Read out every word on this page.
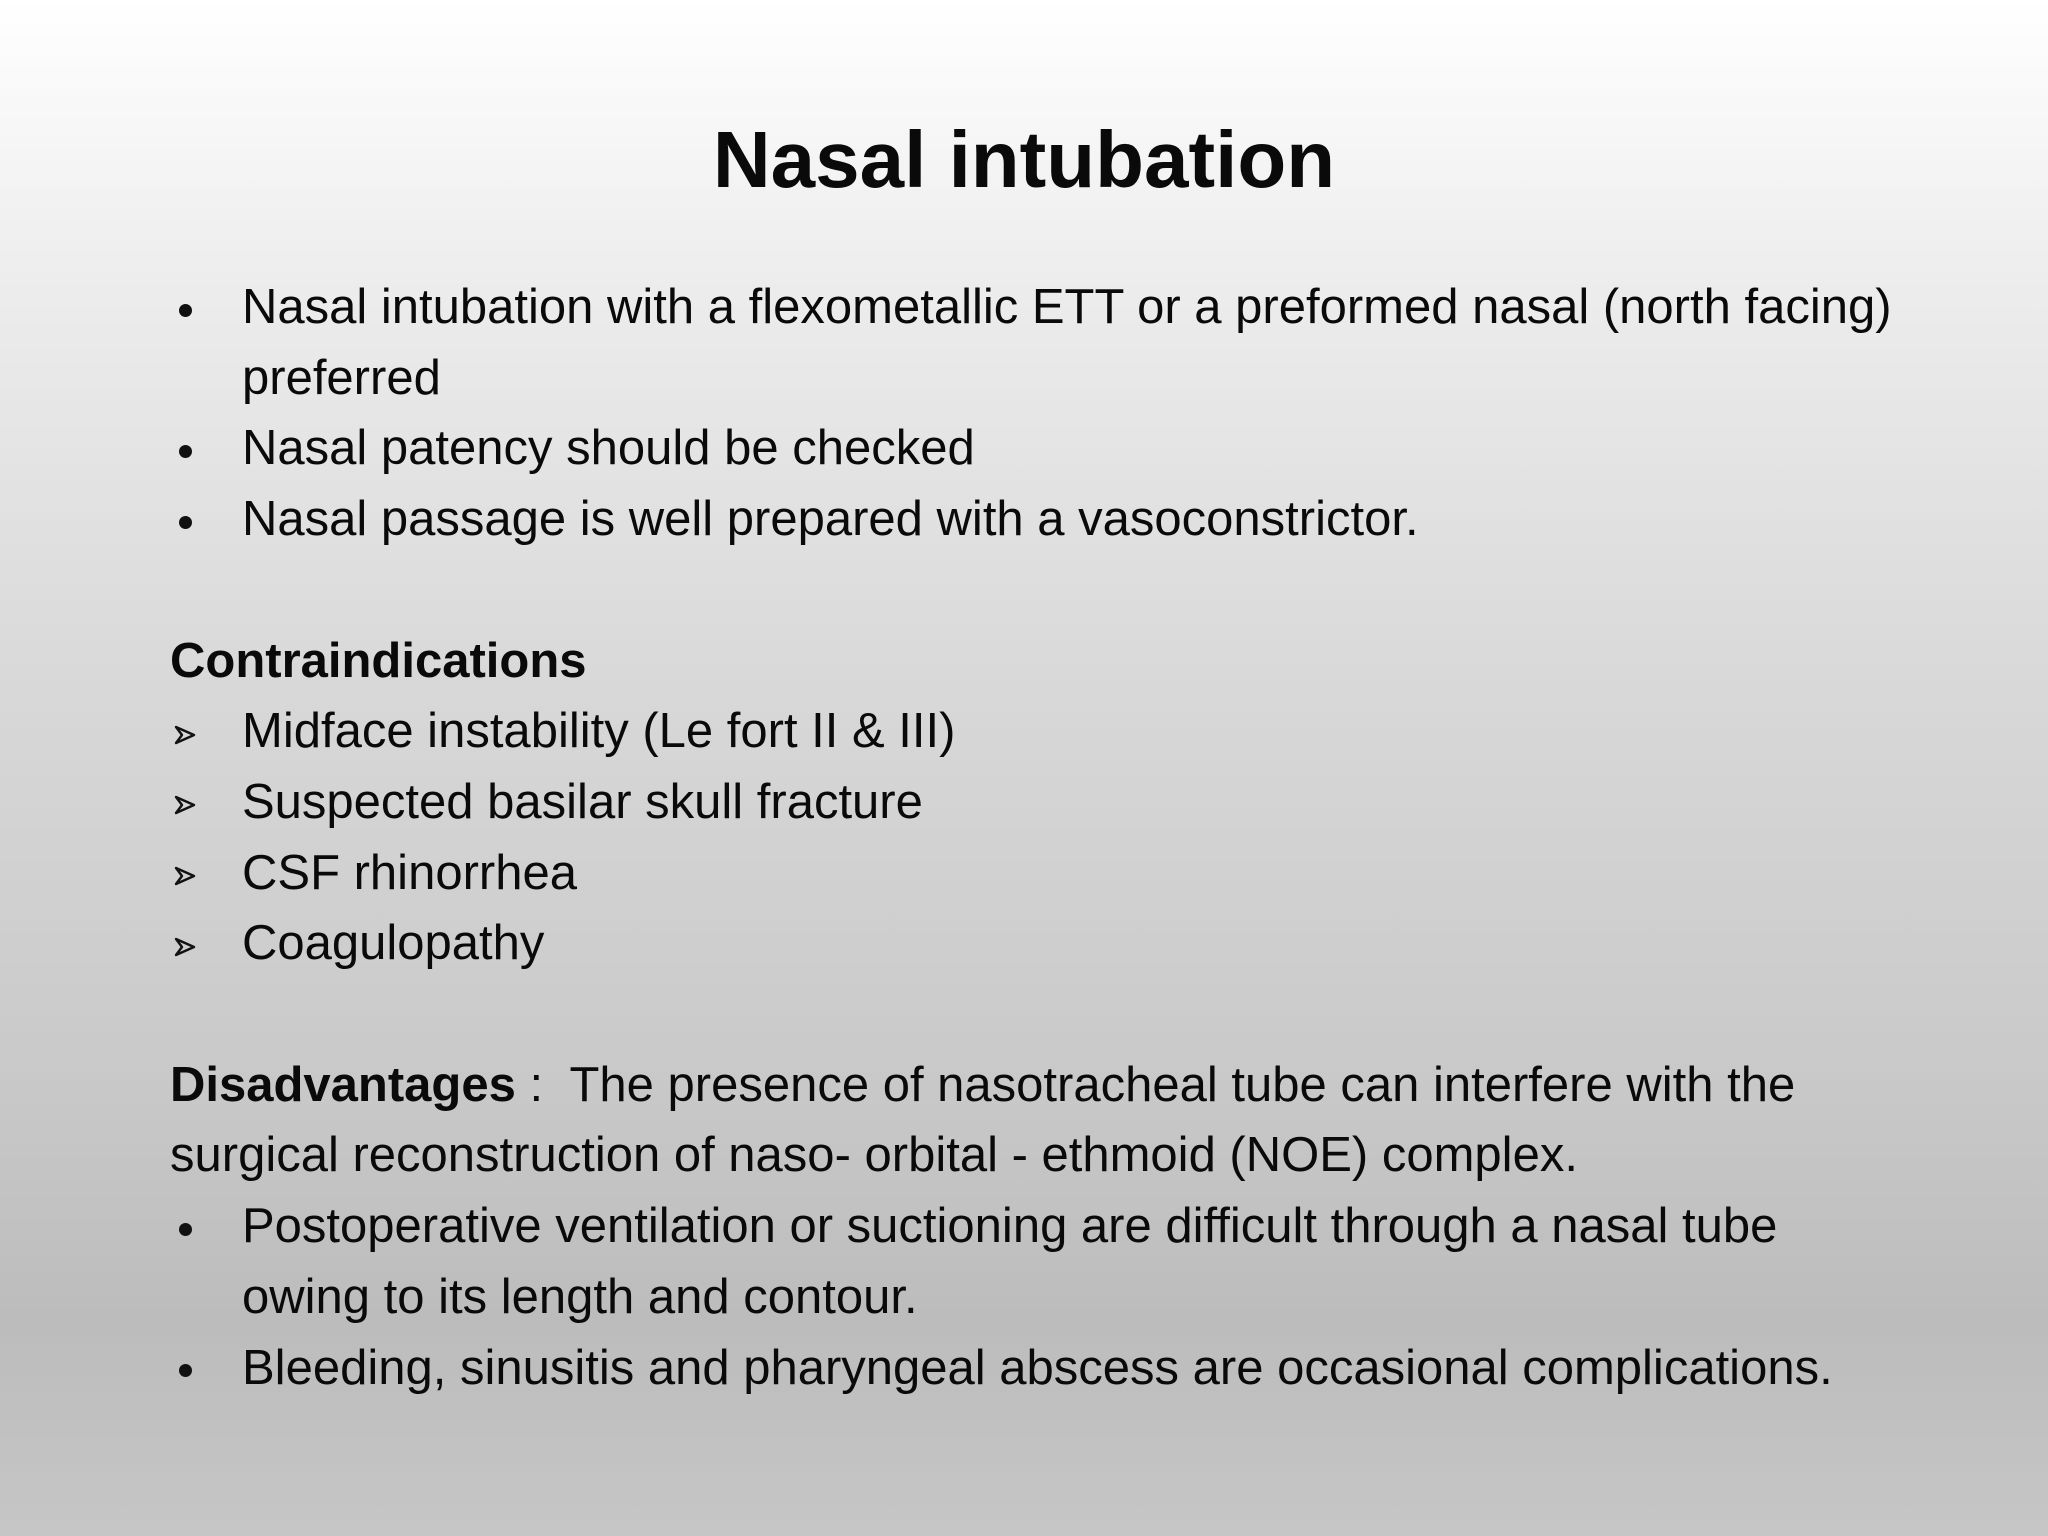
Nasal intubation
Nasal intubation with a flexometallic ETT or a preformed nasal (north facing) preferred
Nasal patency should be checked
Nasal passage is well prepared with a vasoconstrictor.
Contraindications
Midface instability (Le fort II & III)
Suspected basilar skull fracture
CSF rhinorrhea
Coagulopathy
Disadvantages :  The presence of nasotracheal tube can interfere with the surgical reconstruction of naso- orbital - ethmoid (NOE) complex.
Postoperative ventilation or suctioning are difficult through a nasal tube owing to its length and contour.
Bleeding, sinusitis and pharyngeal abscess are occasional complications.
